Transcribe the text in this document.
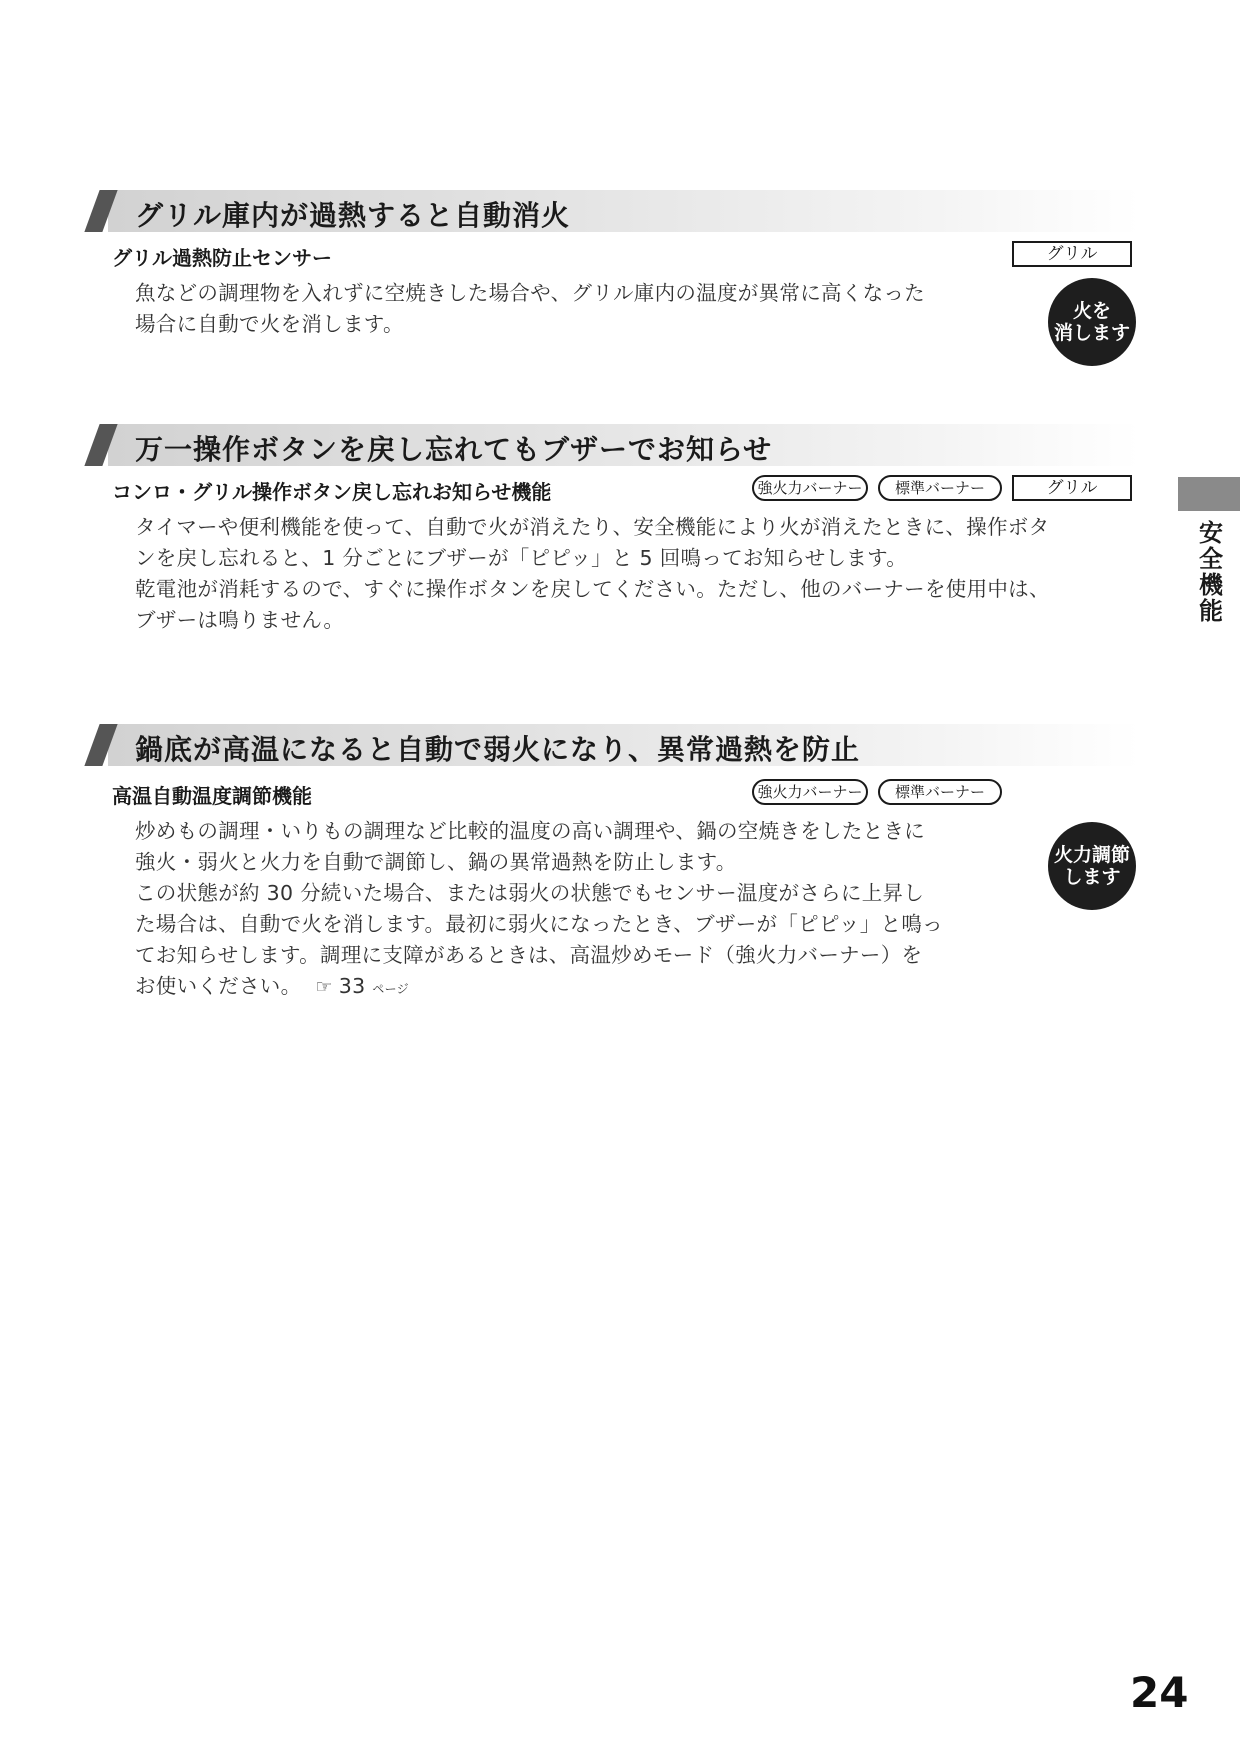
グリル庫内が過熱すると自動消火
グリル過熱防止センサー	グリル

魚などの調理物を入れずに空焼きした場合や、グリル庫内の温度が異常に高くなった
場合に自動で火を消します。

火を
消します
万一操作ボタンを戻し忘れてもブザーでお知らせ
コンロ・グリル操作ボタン戻し忘れお知らせ機能	強火力バーナー	標準バーナー	グリル

タイマーや便利機能を使って、自動で火が消えたり、安全機能により火が消えたときに、操作ボタ
ンを戻し忘れると、1 分ごとにブザーが「ピピッ」と 5 回鳴ってお知らせします。

乾電池が消耗するので、すぐに操作ボタンを戻してください。ただし、他のバーナーを使用中は、
ブザーは鳴りません。

鍋底が高温になると自動で弱火になり、異常過熱を防止
高温自動温度調節機能	強火力バーナー	標準バーナー

炒めもの調理・いりもの調理など比較的温度の高い調理や、鍋の空焼きをしたときに
強火・弱火と火力を自動で調節し、鍋の異常過熱を防止します。

この状態が約 30 分続いた場合、または弱火の状態でもセンサー温度がさらに上昇し
た場合は、自動で火を消します。最初に弱火になったとき、ブザーが「ピピッ」と鳴っ
てお知らせします。調理に支障があるときは、高温炒めモード（強火力バーナー）を

お使いください。 ☞ 33 ページ

火力調節
します
安全機能
24
